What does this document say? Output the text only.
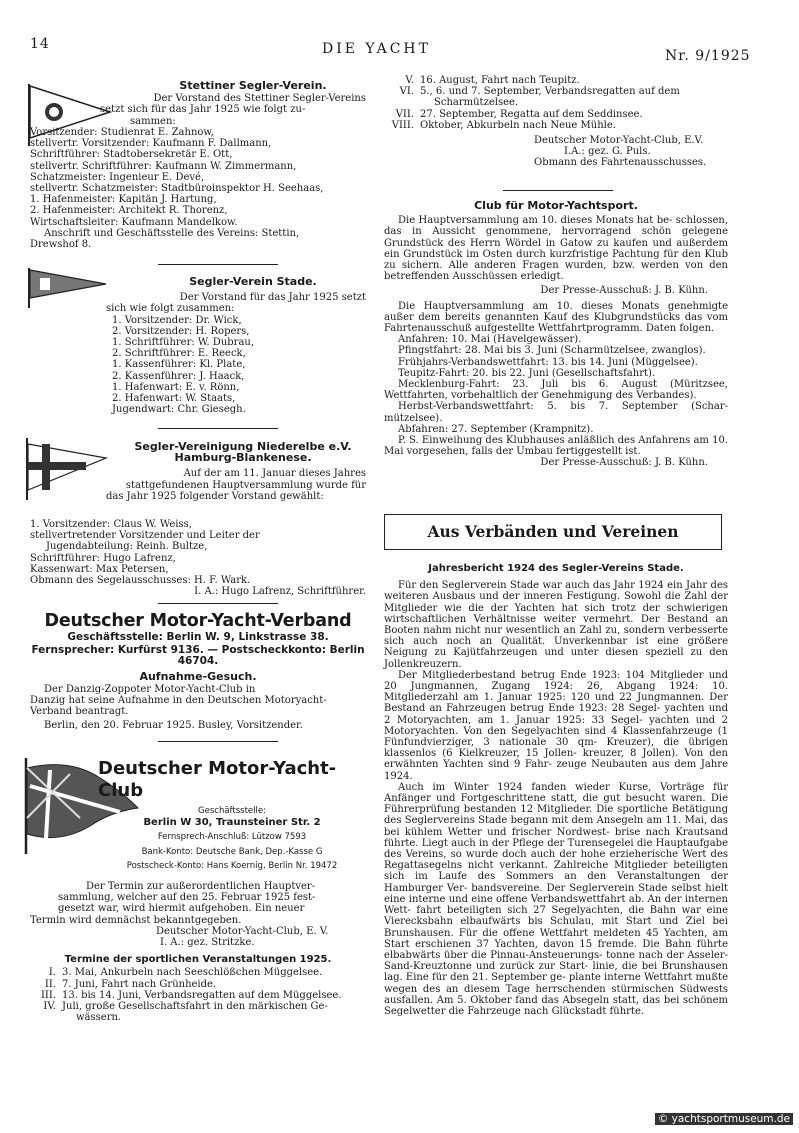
14	DIE YACHT	Nr. 9/1925
Stettiner Segler-Verein.
Der Vorstand des Stettiner Segler-Vereins
setzt sich für das Jahr 1925 wie folgt zu-
sammen:
Vorsitzender: Studienrat E. Zahnow,
stellvertr. Vorsitzender: Kaufmann F. Dallmann,
Schriftführer: Stadtobersekretär E. Ott,
stellvertr. Schriftführer: Kaufmann W. Zimmermann,
Schatzmeister: Ingenieur E. Devé,
stellvertr. Schatzmeister: Stadtbüroinspektor H. Seehaas,
1. Hafenmeister: Kapitän J. Hartung,
2. Hafenmeister: Architekt R. Thorenz,
Wirtschaftsleiter: Kaufmann Mandelkow.
Anschrift und Geschäftsstelle des Vereins: Stettin,
Drewshof 8.
Segler-Verein Stade.
Der Vorstand für das Jahr 1925 setzt
sich wie folgt zusammen:
1. Vorsitzender: Dr. Wick,
2. Vorsitzender: H. Ropers,
1. Schriftführer: W. Dubrau,
2. Schriftführer: E. Reeck,
1. Kassenführer: Kl. Plate,
2. Kassenführer: J. Haack,
1. Hafenwart: E. v. Rönn,
2. Hafenwart: W. Staats,
Jugendwart: Chr. Giesegh.
Segler-Vereinigung Niederelbe e.V.
Hamburg-Blankenese.
Auf der am 11. Januar dieses Jahres
stattgefundenen Hauptversammlung wurde für
das Jahr 1925 folgender Vorstand gewählt:
1. Vorsitzender: Claus W. Weiss,
stellvertretender Vorsitzender und Leiter der
Jugendabteilung: Reinh. Bultze,
Schriftführer: Hugo Lafrenz,
Kassenwart: Max Petersen,
Obmann des Segelausschusses: H. F. Wark.
I. A.: Hugo Lafrenz, Schriftführer.
Deutscher Motor-Yacht-Verband
Geschäftsstelle: Berlin W. 9, Linkstrasse 38.
Fernsprecher: Kurfürst 9136. — Postscheckkonto: Berlin 46704.
Aufnahme-Gesuch.
Der Danzig-Zoppoter Motor-Yacht-Club in
Danzig hat seine Aufnahme in den Deutschen Motoryacht-
Verband beantragt.
Berlin, den 20. Februar 1925. Busley, Vorsitzender.
Deutscher Motor-Yacht-Club
Geschäftsstelle:
Berlin W 30, Traunsteiner Str. 2
Fernsprech-Anschluß: Lützow 7593
Bank-Konto: Deutsche Bank, Dep.-Kasse G
Postscheck-Konto: Hans Koernig, Berlin Nr. 19472
Der Termin zur außerordentlichen Hauptver-
sammlung, welcher auf den 25. Februar 1925 fest-
gesetzt war, wird hiermit aufgehoben. Ein neuer
Termin wird demnächst bekanntgegeben.
Deutscher Motor-Yacht-Club, E. V.
I. A.: gez. Stritzke.
Termine der sportlichen Veranstaltungen 1925.
I. 3. Mai, Ankurbeln nach Seeschlößchen Müggelsee.
II. 7. Juni, Fahrt nach Grünheide.
III. 13. bis 14. Juni, Verbandsregatten auf dem Müggelsee.
IV. Juli, große Gesellschaftsfahrt in den märkischen Ge-
wässern.
V. 16. August, Fahrt nach Teupitz.
VI. 5., 6. und 7. September, Verbandsregatten auf dem
Scharmützelsee.
VII. 27. September, Regatta auf dem Seddinsee.
VIII. Oktober, Abkurbeln nach Neue Mühle.
Deutscher Motor-Yacht-Club, E.V.
I.A.: gez. G. Puls.
Obmann des Fahrtenausschusses.
Club für Motor-Yachtsport.

Die Hauptversammlung am 10. dieses Monats hat be- schlossen, das in Aussicht genommene, hervorragend schön gelegene Grundstück des Herrn Wördel in Gatow zu kaufen und außerdem ein Grundstück im Osten durch kurzfristige Pachtung für den Klub zu sichern. Alle anderen Fragen wurden, bzw. werden von den betreffenden Ausschüssen erledigt.

Der Presse-Ausschuß: J. B. Kühn.

Die Hauptversammlung am 10. dieses Monats genehmigte außer dem bereits genannten Kauf des Klubgrundstücks das vom Fahrtenausschuß aufgestellte Wettfahrtprogramm. Daten folgen.

Anfahren: 10. Mai (Havelgewässer).
Pfingstfahrt: 28. Mai bis 3. Juni (Scharmützelsee, zwanglos).
Frühjahrs-Verbandswettfahrt: 13. bis 14. Juni (Müggelsee).
Teupitz-Fahrt: 20. bis 22. Juni (Gesellschaftsfahrt).
Mecklenburg-Fahrt: 23. Juli bis 6. August (Müritzsee, Wettfahrten, vorbehaltlich der Genehmigung des Verbandes).
Herbst-Verbandswettfahrt: 5. bis 7. September (Schar- mützelsee).
Abfahren: 27. September (Krampnitz).

P. S. Einweihung des Klubhauses anläßlich des Anfahrens am 10. Mai vorgesehen, falls der Umbau fertiggestellt ist.

Der Presse-Ausschuß: J. B. Kühn.
Aus Verbänden und Vereinen
Jahresbericht 1924 des Segler-Vereins Stade.

Für den Seglerverein Stade war auch das Jahr 1924 ein Jahr des weiteren Ausbaus und der inneren Festigung. Sowohl die Zahl der Mitglieder wie die der Yachten hat sich trotz der schwierigen wirtschaftlichen Verhältnisse weiter vermehrt. Der Bestand an Booten nahm nicht nur wesentlich an Zahl zu, sondern verbesserte sich auch noch an Qualität. Unverkennbar ist eine größere Neigung zu Kajütfahrzeugen und unter diesen speziell zu den Jollenkreuzern.

Der Mitgliederbestand betrug Ende 1923: 104 Mitglieder und 20 Jungmannen, Zugang 1924: 26, Abgang 1924: 10. Mitgliederzahl am 1. Januar 1925: 120 und 22 Jungmannen. Der Bestand an Fahrzeugen betrug Ende 1923: 28 Segel- yachten und 2 Motoryachten, am 1. Januar 1925: 33 Segel- yachten und 2 Motoryachten. Von den Segelyachten sind 4 Klassenfahrzeuge (1 Fünfundvierziger, 3 nationale 30 qm- Kreuzer), die übrigen klassenlos (6 Kielkreuzer, 15 Jollen- kreuzer, 8 Jollen). Von den erwähnten Yachten sind 9 Fahr- zeuge Neubauten aus dem Jahre 1924.

Auch im Winter 1924 fanden wieder Kurse, Vorträge für Anfänger und Fortgeschrittene statt, die gut besucht waren. Die Führerprüfung bestanden 12 Mitglieder. Die sportliche Betätigung des Seglervereins Stade begann mit dem Ansegeln am 11. Mai, das bei kühlem Wetter und frischer Nordwest- brise nach Krautsand führte. Liegt auch in der Pflege der Turensegelei die Hauptaufgabe des Vereins, so wurde doch auch der hohe erzieherische Wert des Regattasegelns nicht verkannt. Zahlreiche Mitglieder beteiligten sich im Laufe des Sommers an den Veranstaltungen der Hamburger Ver- bandsvereine. Der Seglerverein Stade selbst hielt eine interne und eine offene Verbandswettfahrt ab. An der internen Wett- fahrt beteiligten sich 27 Segelyachten, die Bahn war eine Vierecksbahn elbaufwärts bis Schulau, mit Start und Ziel bei Brunshausen. Für die offene Wettfahrt meldeten 45 Yachten, am Start erschienen 37 Yachten, davon 15 fremde. Die Bahn führte elbabwärts über die Pinnau-Ansteuerungs- tonne nach der Asseler-Sand-Kreuztonne und zurück zur Start- linie, die bei Brunshausen lag. Eine für den 21. September ge- plante interne Wettfahrt mußte wegen des an diesem Tage herrschenden stürmischen Südwests ausfallen. Am 5. Oktober fand das Absegeln statt, das bei schönem Segelwetter die Fahrzeuge nach Glückstadt führte.

© yachtsportmuseum.de
